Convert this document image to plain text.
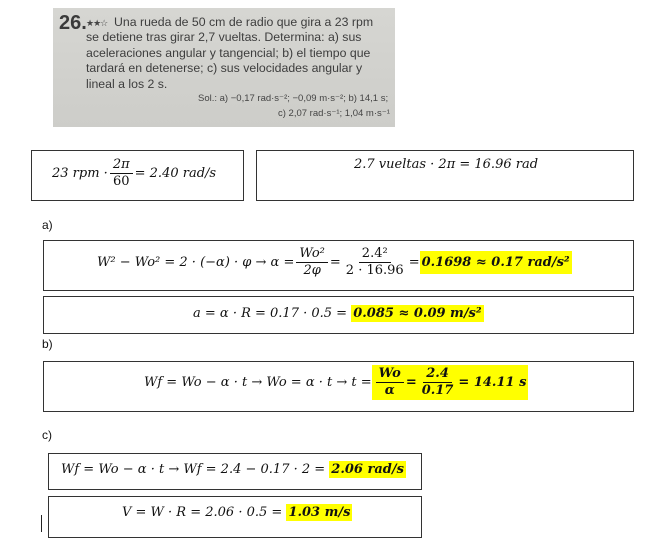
26. ★★☆ Una rueda de 50 cm de radio que gira a 23 rpm se detiene tras girar 2,7 vueltas. Determina: a) sus aceleraciones angular y tangencial; b) el tiempo que tardará en detenerse; c) sus velocidades angular y lineal a los 2 s.
Sol.: a) −0,17 rad·s⁻²; −0,09 m·s⁻²; b) 14,1 s;
c) 2,07 rad·s⁻¹; 1,04 m·s⁻¹
23 rpm · $\frac{2\pi}{60} = 2.40$ rad/s
2.7 vueltas · 2π = 16.96 rad
a)
$W^2 - Wo^2 = 2 \cdot (-\alpha) \cdot \varphi \to \alpha = \frac{\text{Wo²}}{2\varphi} = \frac{\text{2.4²}}{2 \cdot 16.96} = 0.1698 \approx 0.17$ rad/s²
a = α · R = 0.17 · 0.5 =
0.085 ≈ 0.09 m/s²
b)
$Wf = Wo - \alpha \cdot t \to Wo = \alpha \cdot t \to t = \frac{Wo}{\alpha} = \frac{2.4}{0.17} = 14.11$ s
c)
Wf = Wo − α · t → Wf = 2.4 − 0.17 · 2 =
2.06 rad/s
V = W · R = 2.06 · 0.5 =
1.03 m/s
